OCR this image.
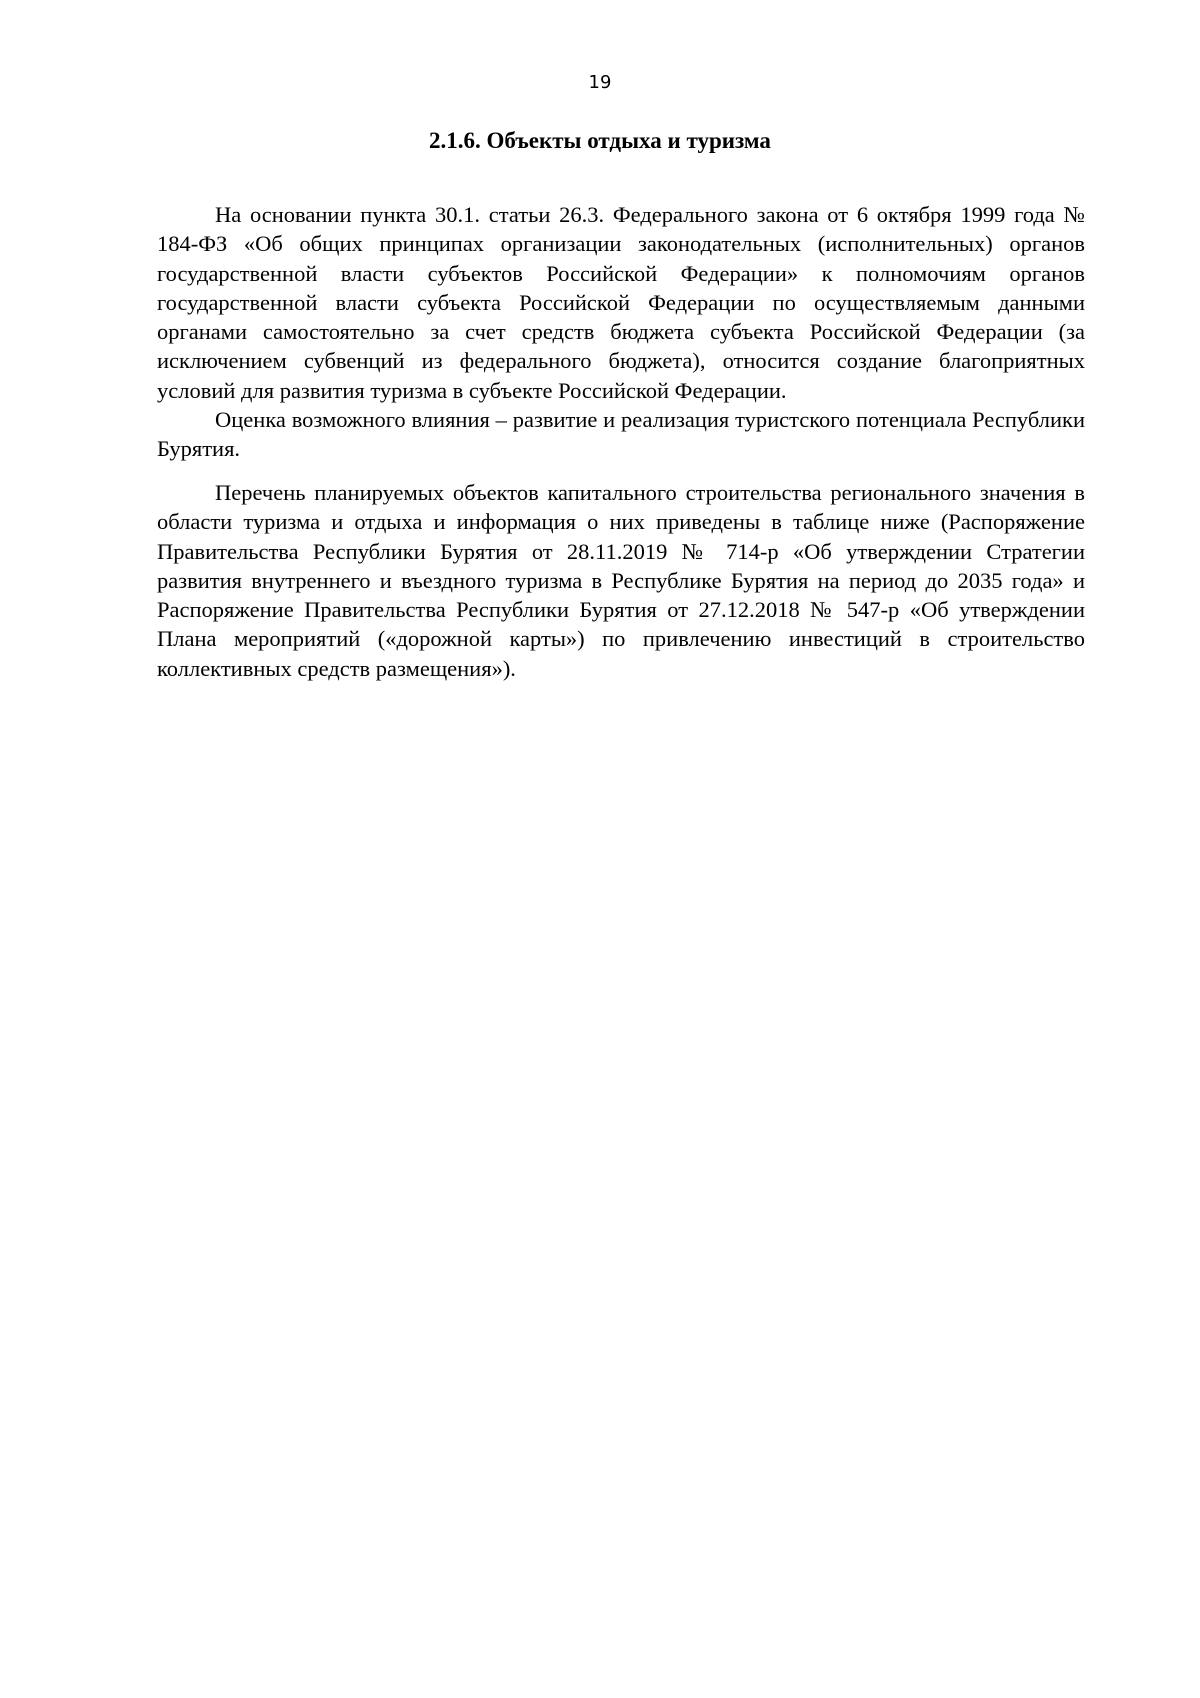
19
2.1.6. Объекты отдыха и туризма

На основании пункта 30.1. статьи 26.3. Федерального закона от 6 октября 1999 года № 184-ФЗ «Об общих принципах организации законодательных (исполнительных) органов государственной власти субъектов Российской Федерации» к полномочиям органов государственной власти субъекта Российской Федерации по осуществляемым данными органами самостоятельно за счет средств бюджета субъекта Российской Федерации (за исключением субвенций из федерального бюджета), относится создание благоприятных условий для развития туризма в субъекте Российской Федерации.

Оценка возможного влияния – развитие и реализация туристского потенциала Республики Бурятия.

Перечень планируемых объектов капитального строительства регионального значения в области туризма и отдыха и информация о них приведены в таблице ниже (Распоряжение Правительства Республики Бурятия от 28.11.2019 № 714-р «Об утверждении Стратегии развития внутреннего и въездного туризма в Республике Бурятия на период до 2035 года» и Распоряжение Правительства Республики Бурятия от 27.12.2018 № 547-р «Об утверждении Плана мероприятий («дорожной карты») по привлечению инвестиций в строительство коллективных средств размещения»).
